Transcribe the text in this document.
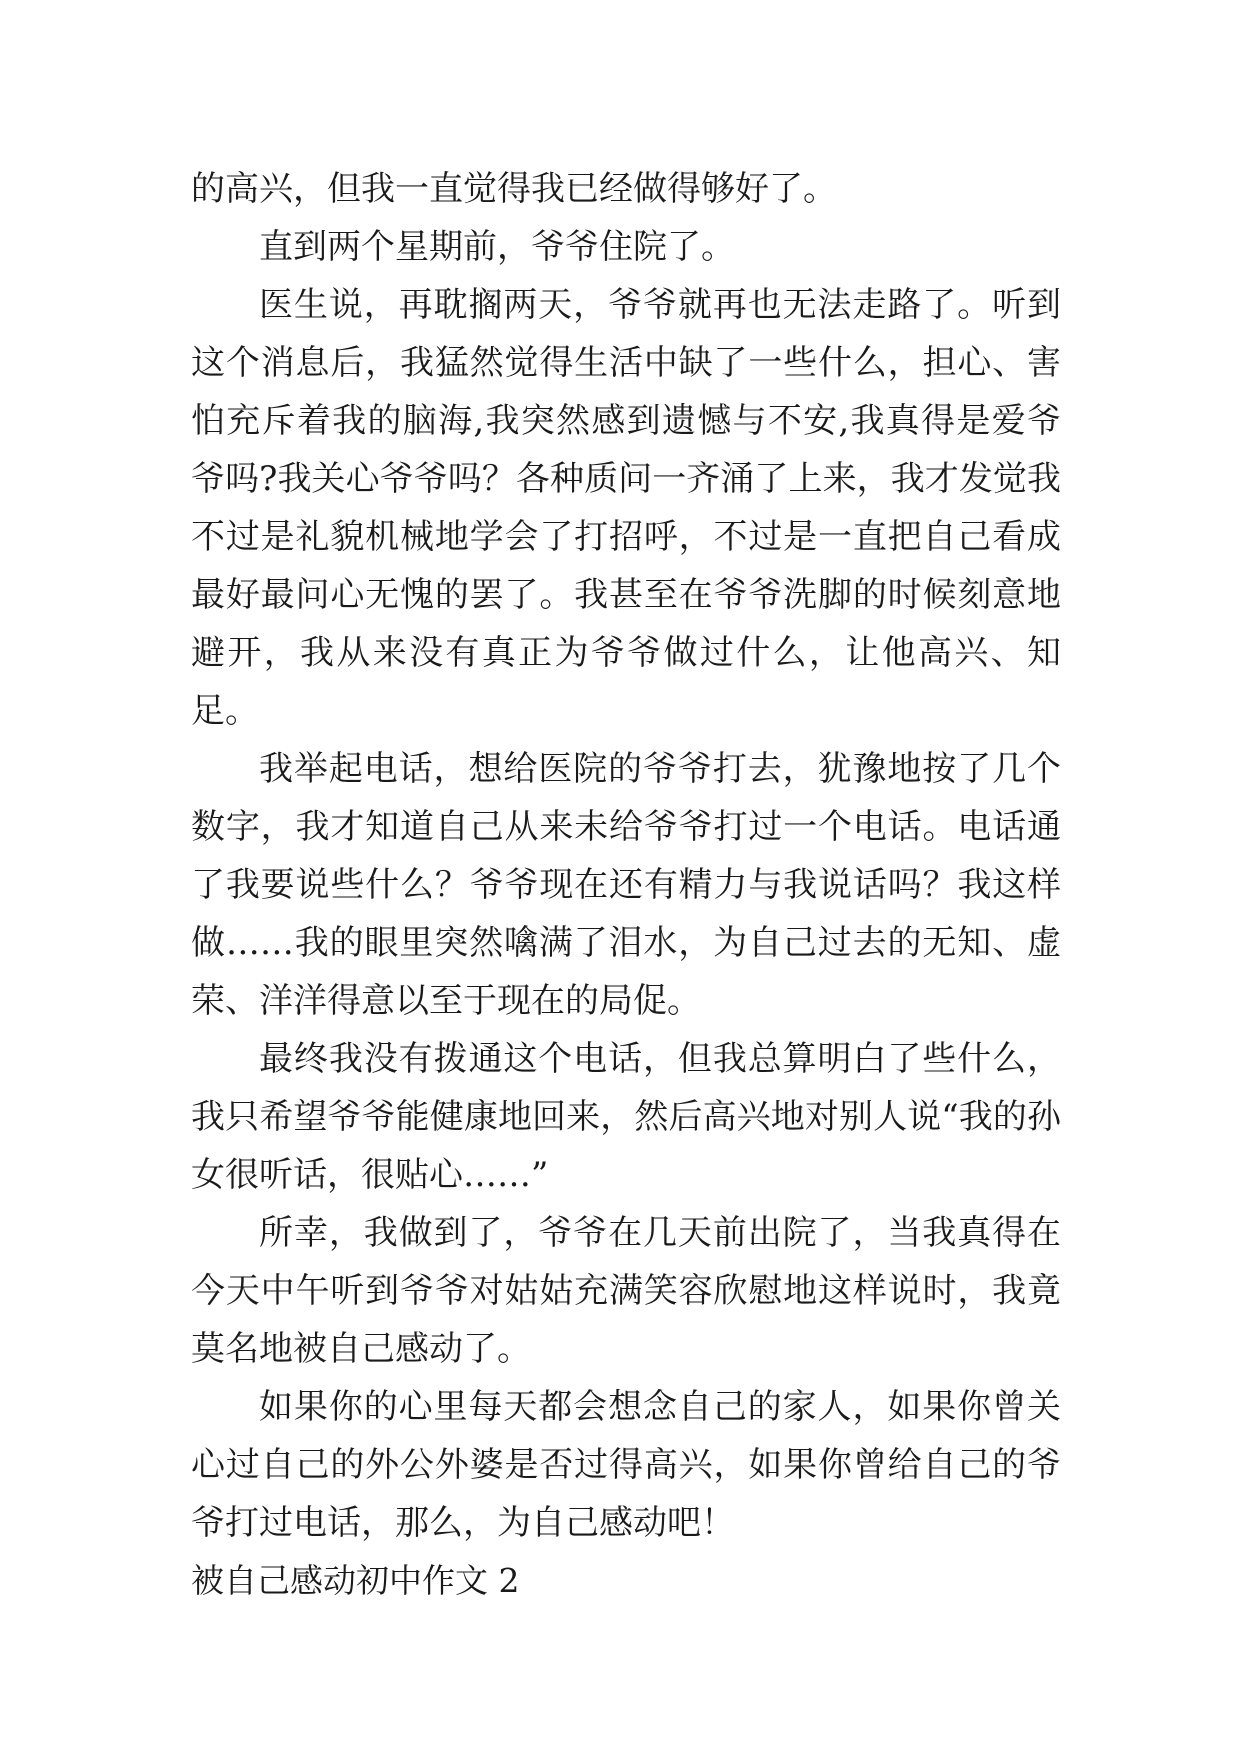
的高兴，但我一直觉得我已经做得够好了。

直到两个星期前，爷爷住院了。

医生说，再耽搁两天，爷爷就再也无法走路了。听到这个消息后，我猛然觉得生活中缺了一些什么，担心、害怕充斥着我的脑海,我突然感到遗憾与不安,我真得是爱爷爷吗?我关心爷爷吗？各种质问一齐涌了上来，我才发觉我不过是礼貌机械地学会了打招呼，不过是一直把自己看成最好最问心无愧的罢了。我甚至在爷爷洗脚的时候刻意地避开，我从来没有真正为爷爷做过什么，让他高兴、知足。

我举起电话，想给医院的爷爷打去，犹豫地按了几个数字，我才知道自己从来未给爷爷打过一个电话。电话通了我要说些什么？爷爷现在还有精力与我说话吗？我这样做……我的眼里突然噙满了泪水，为自己过去的无知、虚荣、洋洋得意以至于现在的局促。

最终我没有拨通这个电话，但我总算明白了些什么，我只希望爷爷能健康地回来，然后高兴地对别人说“我的孙女很听话，很贴心……”

所幸，我做到了，爷爷在几天前出院了，当我真得在今天中午听到爷爷对姑姑充满笑容欣慰地这样说时，我竟莫名地被自己感动了。

如果你的心里每天都会想念自己的家人，如果你曾关心过自己的外公外婆是否过得高兴，如果你曾给自己的爷爷打过电话，那么，为自己感动吧！

被自己感动初中作文 2
